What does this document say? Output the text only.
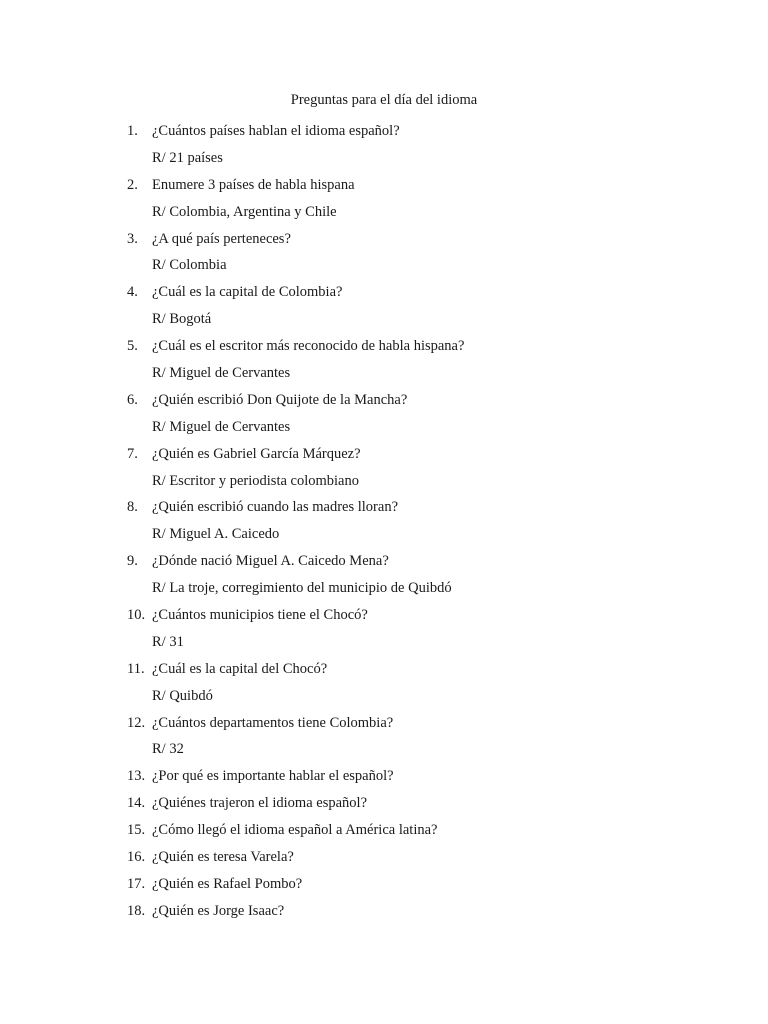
Preguntas para el día del idioma
1. ¿Cuántos países hablan el idioma español?
R/ 21 países
2. Enumere 3 países de habla hispana
R/ Colombia, Argentina y Chile
3. ¿A qué país perteneces?
R/ Colombia
4. ¿Cuál es la capital de Colombia?
R/ Bogotá
5. ¿Cuál es el escritor más reconocido de habla hispana?
R/ Miguel de Cervantes
6. ¿Quién escribió Don Quijote de la Mancha?
R/ Miguel de Cervantes
7. ¿Quién es Gabriel García Márquez?
R/ Escritor y periodista colombiano
8. ¿Quién escribió cuando las madres lloran?
R/ Miguel A. Caicedo
9. ¿Dónde nació Miguel A. Caicedo Mena?
R/ La troje, corregimiento del municipio de Quibdó
10. ¿Cuántos municipios tiene el Chocó?
R/ 31
11. ¿Cuál es la capital del Chocó?
R/ Quibdó
12. ¿Cuántos departamentos tiene Colombia?
R/ 32
13. ¿Por qué es importante hablar el español?
14. ¿Quiénes trajeron el idioma español?
15. ¿Cómo llegó el idioma español a América latina?
16. ¿Quién es teresa Varela?
17. ¿Quién es Rafael Pombo?
18. ¿Quién es Jorge Isaac?
